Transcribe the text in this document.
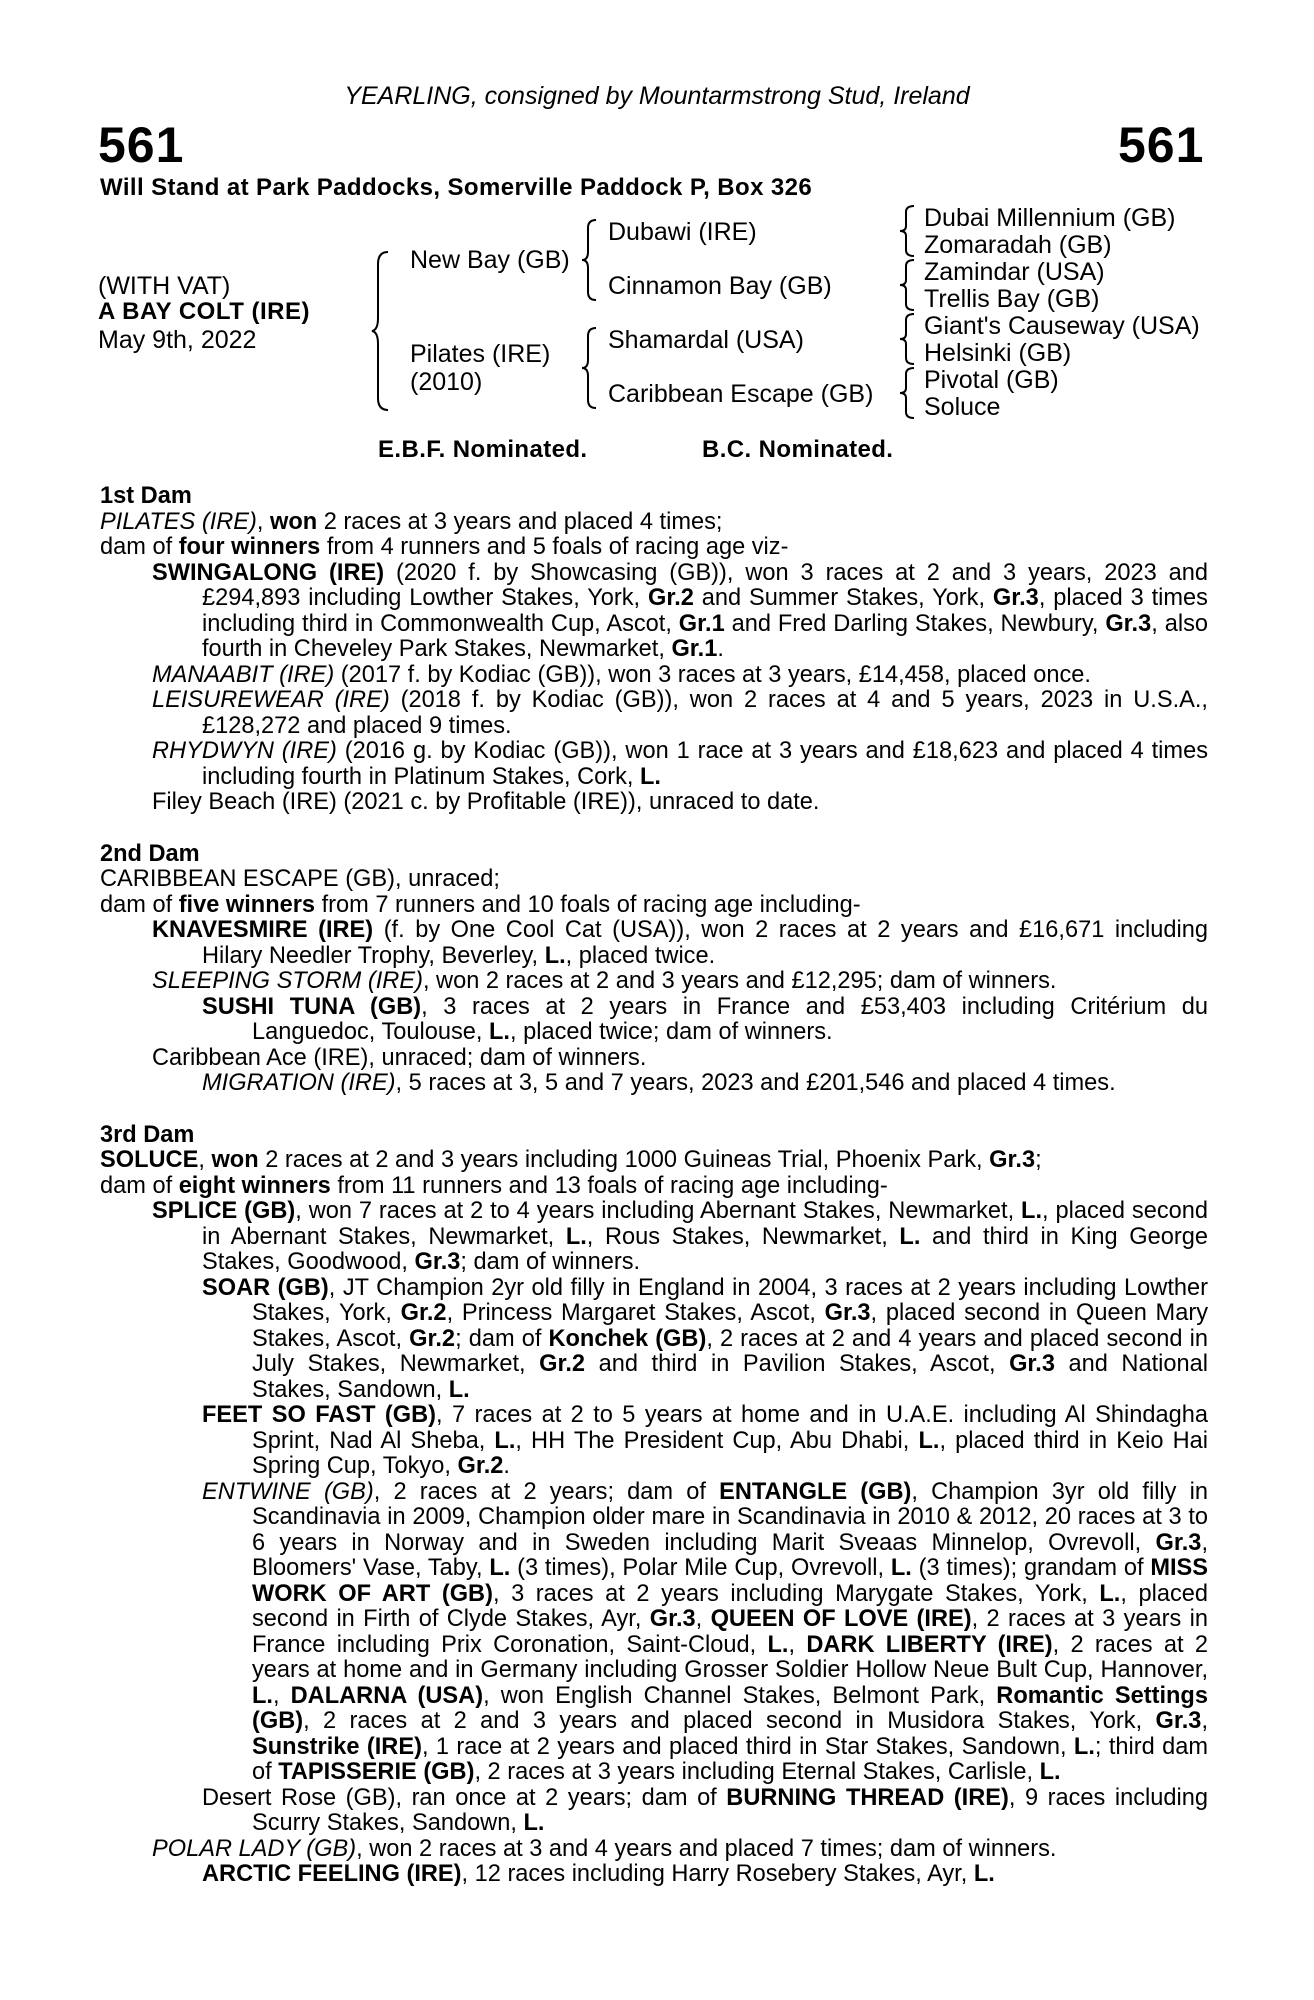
YEARLING, consigned by Mountarmstrong Stud, Ireland
561	561
Will Stand at Park Paddocks, Somerville Paddock P, Box 326
(WITH VAT)
A BAY COLT (IRE)
May 9th, 2022
New Bay (GB)
Pilates (IRE)
(2010)
Dubawi (IRE)
Cinnamon Bay (GB)
Shamardal (USA)
Caribbean Escape (GB)
Dubai Millennium (GB)
Zomaradah (GB)
Zamindar (USA)
Trellis Bay (GB)
Giant's Causeway (USA)
Helsinki (GB)
Pivotal (GB)
Soluce
E.B.F. Nominated.	B.C. Nominated.

1st Dam

PILATES (IRE), won 2 races at 3 years and placed 4 times;

dam of four winners from 4 runners and 5 foals of racing age viz-

SWINGALONG (IRE) (2020 f. by Showcasing (GB)), won 3 races at 2 and 3 years, 2023 and £294,893 including Lowther Stakes, York, Gr.2 and Summer Stakes, York, Gr.3, placed 3 times including third in Commonwealth Cup, Ascot, Gr.1 and Fred Darling Stakes, Newbury, Gr.3, also fourth in Cheveley Park Stakes, Newmarket, Gr.1.

MANAABIT (IRE) (2017 f. by Kodiac (GB)), won 3 races at 3 years, £14,458, placed once.

LEISUREWEAR (IRE) (2018 f. by Kodiac (GB)), won 2 races at 4 and 5 years, 2023 in U.S.A., £128,272 and placed 9 times.

RHYDWYN (IRE) (2016 g. by Kodiac (GB)), won 1 race at 3 years and £18,623 and placed 4 times including fourth in Platinum Stakes, Cork, L.

Filey Beach (IRE) (2021 c. by Profitable (IRE)), unraced to date.

2nd Dam

CARIBBEAN ESCAPE (GB), unraced;

dam of five winners from 7 runners and 10 foals of racing age including-

KNAVESMIRE (IRE) (f. by One Cool Cat (USA)), won 2 races at 2 years and £16,671 including Hilary Needler Trophy, Beverley, L., placed twice.

SLEEPING STORM (IRE), won 2 races at 2 and 3 years and £12,295; dam of winners.

SUSHI TUNA (GB), 3 races at 2 years in France and £53,403 including Critérium du Languedoc, Toulouse, L., placed twice; dam of winners.

Caribbean Ace (IRE), unraced; dam of winners.

MIGRATION (IRE), 5 races at 3, 5 and 7 years, 2023 and £201,546 and placed 4 times.

3rd Dam

SOLUCE, won 2 races at 2 and 3 years including 1000 Guineas Trial, Phoenix Park, Gr.3;

dam of eight winners from 11 runners and 13 foals of racing age including-

SPLICE (GB), won 7 races at 2 to 4 years including Abernant Stakes, Newmarket, L., placed second in Abernant Stakes, Newmarket, L., Rous Stakes, Newmarket, L. and third in King George Stakes, Goodwood, Gr.3; dam of winners.

SOAR (GB), JT Champion 2yr old filly in England in 2004, 3 races at 2 years including Lowther Stakes, York, Gr.2, Princess Margaret Stakes, Ascot, Gr.3, placed second in Queen Mary Stakes, Ascot, Gr.2; dam of Konchek (GB), 2 races at 2 and 4 years and placed second in July Stakes, Newmarket, Gr.2 and third in Pavilion Stakes, Ascot, Gr.3 and National Stakes, Sandown, L.

FEET SO FAST (GB), 7 races at 2 to 5 years at home and in U.A.E. including Al Shindagha Sprint, Nad Al Sheba, L., HH The President Cup, Abu Dhabi, L., placed third in Keio Hai Spring Cup, Tokyo, Gr.2.

ENTWINE (GB), 2 races at 2 years; dam of ENTANGLE (GB), Champion 3yr old filly in Scandinavia in 2009, Champion older mare in Scandinavia in 2010 & 2012, 20 races at 3 to 6 years in Norway and in Sweden including Marit Sveaas Minnelop, Ovrevoll, Gr.3, Bloomers' Vase, Taby, L. (3 times), Polar Mile Cup, Ovrevoll, L. (3 times); grandam of MISS WORK OF ART (GB), 3 races at 2 years including Marygate Stakes, York, L., placed second in Firth of Clyde Stakes, Ayr, Gr.3, QUEEN OF LOVE (IRE), 2 races at 3 years in France including Prix Coronation, Saint-Cloud, L., DARK LIBERTY (IRE), 2 races at 2 years at home and in Germany including Grosser Soldier Hollow Neue Bult Cup, Hannover, L., DALARNA (USA), won English Channel Stakes, Belmont Park, Romantic Settings (GB), 2 races at 2 and 3 years and placed second in Musidora Stakes, York, Gr.3, Sunstrike (IRE), 1 race at 2 years and placed third in Star Stakes, Sandown, L.; third dam of TAPISSERIE (GB), 2 races at 3 years including Eternal Stakes, Carlisle, L.

Desert Rose (GB), ran once at 2 years; dam of BURNING THREAD (IRE), 9 races including Scurry Stakes, Sandown, L.

POLAR LADY (GB), won 2 races at 3 and 4 years and placed 7 times; dam of winners.

ARCTIC FEELING (IRE), 12 races including Harry Rosebery Stakes, Ayr, L.
